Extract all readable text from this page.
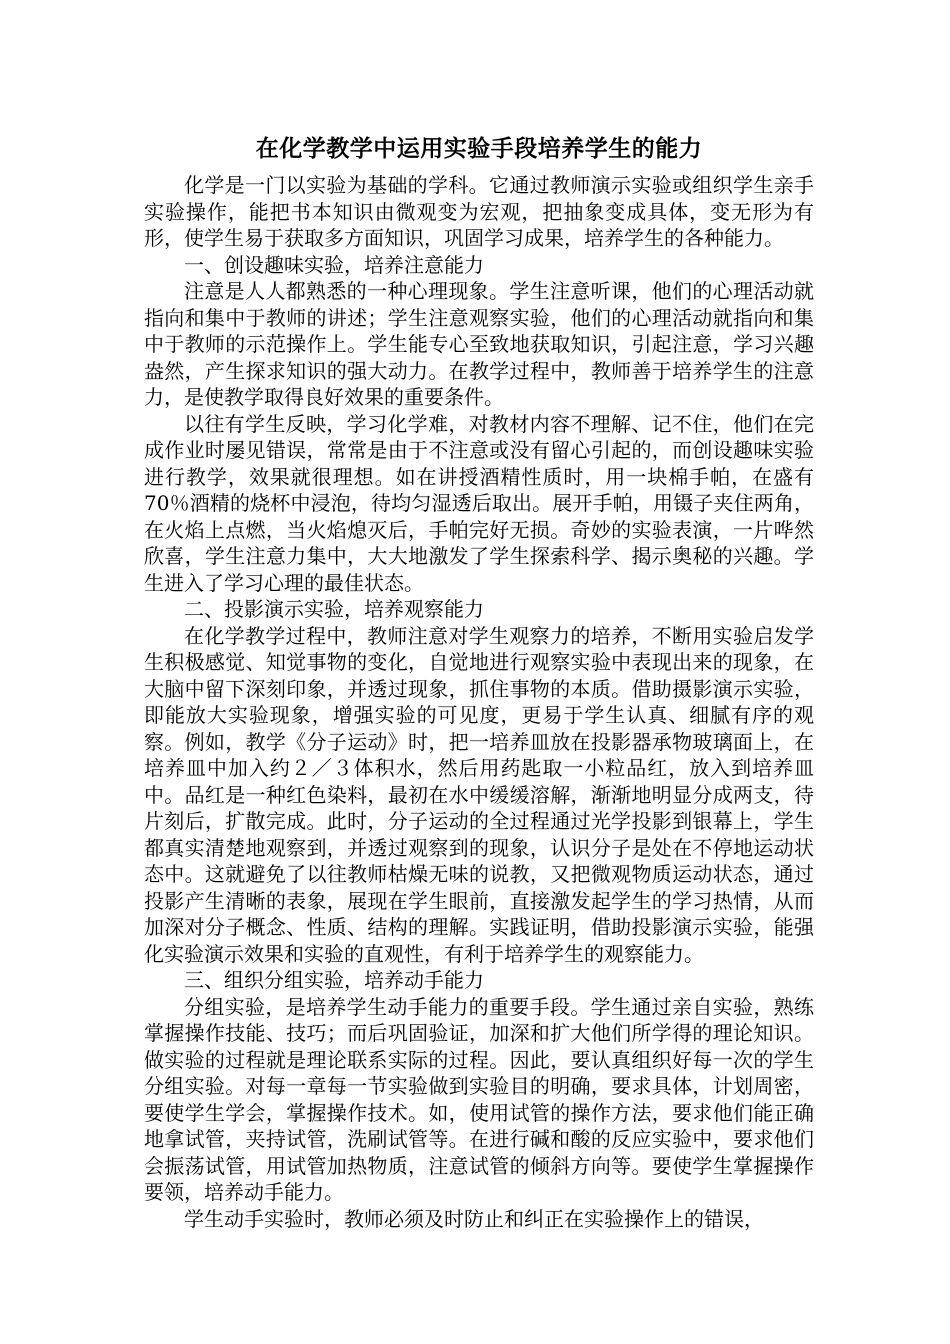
在化学教学中运用实验手段培养学生的能力

化学是一门以实验为基础的学科。它通过教师演示实验或组织学生亲手实验操作，能把书本知识由微观变为宏观，把抽象变成具体，变无形为有形，使学生易于获取多方面知识，巩固学习成果，培养学生的各种能力。

一、创设趣味实验，培养注意能力

注意是人人都熟悉的一种心理现象。学生注意听课，他们的心理活动就指向和集中于教师的讲述；学生注意观察实验，他们的心理活动就指向和集中于教师的示范操作上。学生能专心至致地获取知识，引起注意，学习兴趣盎然，产生探求知识的强大动力。在教学过程中，教师善于培养学生的注意力，是使教学取得良好效果的重要条件。

以往有学生反映，学习化学难，对教材内容不理解、记不住，他们在完成作业时屡见错误，常常是由于不注意或没有留心引起的，而创设趣味实验进行教学，效果就很理想。如在讲授酒精性质时，用一块棉手帕，在盛有70％酒精的烧杯中浸泡，待均匀湿透后取出。展开手帕，用镊子夹住两角，在火焰上点燃，当火焰熄灭后，手帕完好无损。奇妙的实验表演，一片哗然欣喜，学生注意力集中，大大地激发了学生探索科学、揭示奥秘的兴趣。学生进入了学习心理的最佳状态。

二、投影演示实验，培养观察能力

在化学教学过程中，教师注意对学生观察力的培养，不断用实验启发学生积极感觉、知觉事物的变化，自觉地进行观察实验中表现出来的现象，在大脑中留下深刻印象，并透过现象，抓住事物的本质。借助摄影演示实验，即能放大实验现象，增强实验的可见度，更易于学生认真、细腻有序的观察。例如，教学《分子运动》时，把一培养皿放在投影器承物玻璃面上，在培养皿中加入约２／３体积水，然后用药匙取一小粒品红，放入到培养皿中。品红是一种红色染料，最初在水中缓缓溶解，渐渐地明显分成两支，待片刻后，扩散完成。此时，分子运动的全过程通过光学投影到银幕上，学生都真实清楚地观察到，并透过观察到的现象，认识分子是处在不停地运动状态中。这就避免了以往教师枯燥无味的说教，又把微观物质运动状态，通过投影产生清晰的表象，展现在学生眼前，直接激发起学生的学习热情，从而加深对分子概念、性质、结构的理解。实践证明，借助投影演示实验，能强化实验演示效果和实验的直观性，有利于培养学生的观察能力。

三、组织分组实验，培养动手能力

分组实验，是培养学生动手能力的重要手段。学生通过亲自实验，熟练掌握操作技能、技巧；而后巩固验证，加深和扩大他们所学得的理论知识。做实验的过程就是理论联系实际的过程。因此，要认真组织好每一次的学生分组实验。对每一章每一节实验做到实验目的明确，要求具体，计划周密，要使学生学会，掌握操作技术。如，使用试管的操作方法，要求他们能正确地拿试管，夹持试管，洗刷试管等。在进行碱和酸的反应实验中，要求他们会振荡试管，用试管加热物质，注意试管的倾斜方向等。要使学生掌握操作要领，培养动手能力。

学生动手实验时，教师必须及时防止和纠正在实验操作上的错误，
